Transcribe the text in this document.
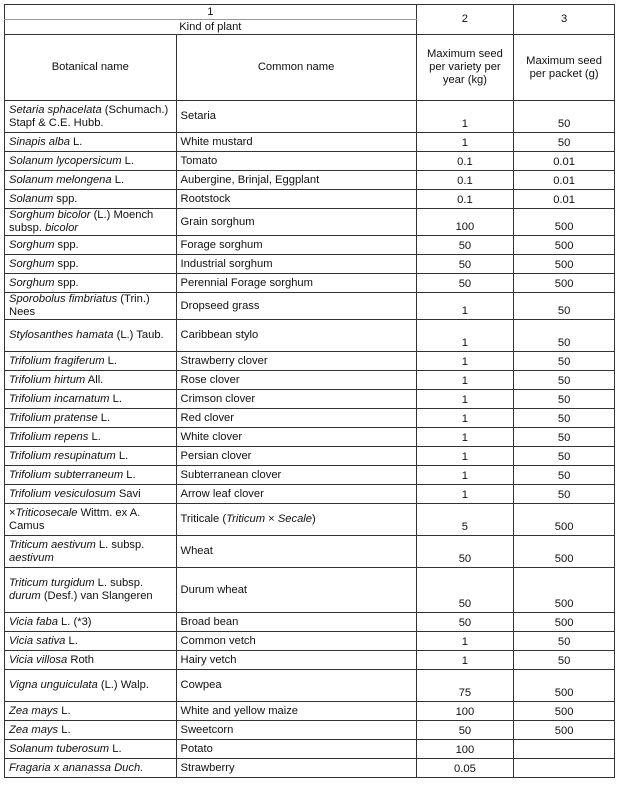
1		2	3
Kind of plant			
Botanical name	Common name	Maximum seed per variety per year (kg)	Maximum seed per packet (g)
Setaria sphacelata (Schumach.) Stapf & C.E. Hubb.	Setaria	1	50
Sinapis alba L.	White mustard	1	50
Solanum lycopersicum L.	Tomato	0.1	0.01
Solanum melongena L.	Aubergine, Brinjal, Eggplant	0.1	0.01
Solanum spp.	Rootstock	0.1	0.01
Sorghum bicolor (L.) Moench subsp. bicolor	Grain sorghum	100	500
Sorghum spp.	Forage sorghum	50	500
Sorghum spp.	Industrial sorghum	50	500
Sorghum spp.	Perennial Forage sorghum	50	500
Sporobolus fimbriatus (Trin.) Nees	Dropseed grass	1	50
Stylosanthes hamata (L.) Taub.	Caribbean stylo	1	50
Trifolium fragiferum L.	Strawberry clover	1	50
Trifolium hirtum All.	Rose clover	1	50
Trifolium incarnatum L.	Crimson clover	1	50
Trifolium pratense L.	Red clover	1	50
Trifolium repens L.	White clover	1	50
Trifolium resupinatum L.	Persian clover	1	50
Trifolium subterraneum L.	Subterranean clover	1	50
Trifolium vesiculosum Savi	Arrow leaf clover	1	50
×Triticosecale Wittm. ex A. Camus	Triticale (Triticum × Secale)	5	500
Triticum aestivum L. subsp. aestivum	Wheat	50	500
Triticum turgidum L. subsp. durum (Desf.) van Slangeren	Durum wheat	50	500
Vicia faba L. (*3)	Broad bean	50	500
Vicia sativa L.	Common vetch	1	50
Vicia villosa Roth	Hairy vetch	1	50
Vigna unguiculata (L.) Walp.	Cowpea	75	500
Zea mays L.	White and yellow maize	100	500
Zea mays L.	Sweetcorn	50	500
Solanum tuberosum L.	Potato	100	
Fragaria x ananassa Duch.	Strawberry	0.05	
